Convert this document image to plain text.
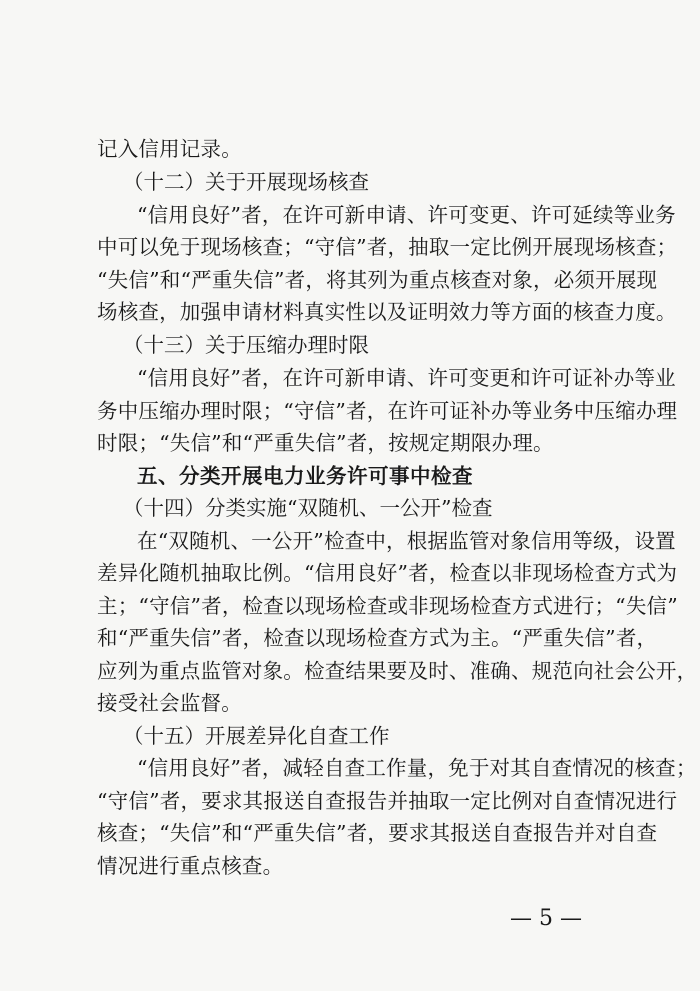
记入信用记录。
（十二）关于开展现场核查
“信用良好”者，在许可新申请、许可变更、许可延续等业务
中可以免于现场核查；“守信”者，抽取一定比例开展现场核查；
“失信”和“严重失信”者，将其列为重点核查对象，必须开展现
场核查，加强申请材料真实性以及证明效力等方面的核查力度。
（十三）关于压缩办理时限
“信用良好”者，在许可新申请、许可变更和许可证补办等业
务中压缩办理时限；“守信”者，在许可证补办等业务中压缩办理
时限；“失信”和“严重失信”者，按规定期限办理。
五、分类开展电力业务许可事中检查
（十四）分类实施“双随机、一公开”检查
在“双随机、一公开”检查中，根据监管对象信用等级，设置
差异化随机抽取比例。“信用良好”者，检查以非现场检查方式为
主；“守信”者，检查以现场检查或非现场检查方式进行；“失信”
和“严重失信”者，检查以现场检查方式为主。“严重失信”者，
应列为重点监管对象。检查结果要及时、准确、规范向社会公开，
接受社会监督。
（十五）开展差异化自查工作
“信用良好”者，减轻自查工作量，免于对其自查情况的核查；
“守信”者，要求其报送自查报告并抽取一定比例对自查情况进行
核查；“失信”和“严重失信”者，要求其报送自查报告并对自查
情况进行重点核查。
— 5 —
